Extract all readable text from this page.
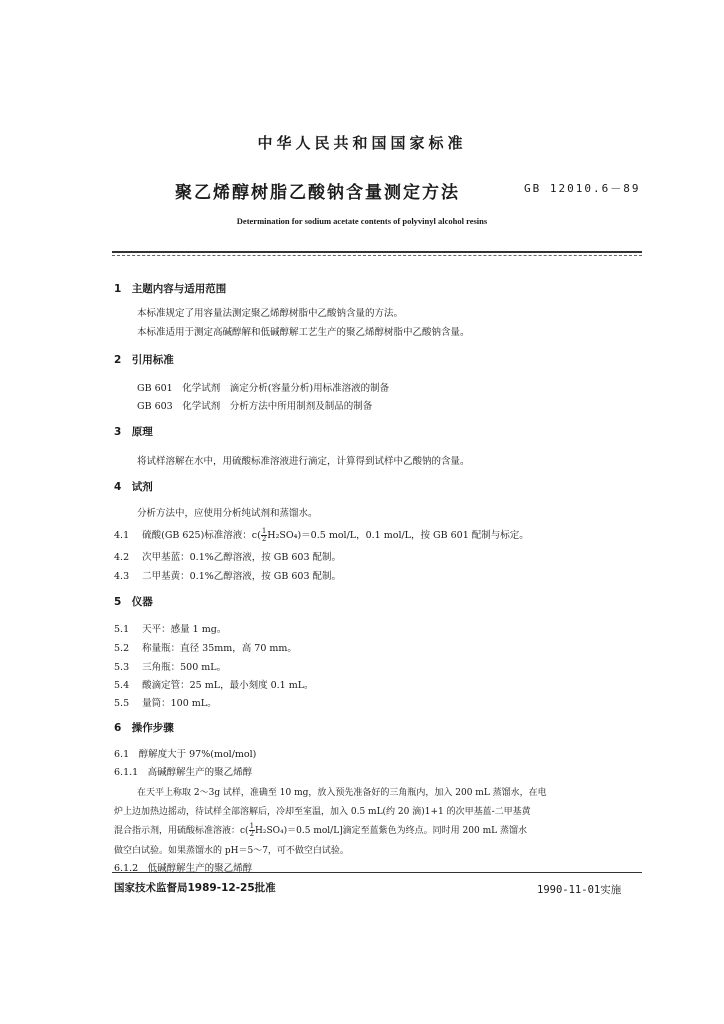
中华人民共和国国家标准
聚乙烯醇树脂乙酸钠含量测定方法	GB 12010.6－89
Determination for sodium acetate contents of polyvinyl alcohol resins
1　主题内容与适用范围
本标准规定了用容量法测定聚乙烯醇树脂中乙酸钠含量的方法。
本标准适用于测定高碱醇解和低碱醇解工艺生产的聚乙烯醇树脂中乙酸钠含量。
2　引用标准
GB 601　化学试剂　滴定分析(容量分析)用标准溶液的制备
GB 603　化学试剂　分析方法中所用制剂及制品的制备
3　原理
将试样溶解在水中，用硫酸标准溶液进行滴定，计算得到试样中乙酸钠的含量。
4　试剂
分析方法中，应使用分析纯试剂和蒸馏水。
4.1 硫酸(GB 625)标准溶液：$c( \frac{1}{2} H_2SO_4)=0.5$ mol/L，0.1 mol/L，按 GB 601 配制与标定。
4.2 次甲基蓝：0.1%乙醇溶液，按 GB 603 配制。
4.3 二甲基黄：0.1%乙醇溶液，按 GB 603 配制。
5　仪器
5.1 天平：感量 1 mg。
5.2 称量瓶：直径 35mm，高 70 mm。
5.3 三角瓶：500 mL。
5.4 酸滴定管：25 mL，最小刻度 0.1 mL。
5.5 量筒：100 mL。
6　操作步骤
6.1　醇解度大于 97%(mol/mol)
6.1.1　高碱醇解生产的聚乙烯醇
在天平上称取 2～3g 试样，准确至 10 mg，放入预先准备好的三角瓶内，加入 200 mL 蒸馏水，在电
炉上边加热边摇动，待试样全部溶解后，冷却至室温，加入 0.5 mL(约 20 滴)1+1 的次甲基蓝-二甲基黄
混合指示剂，用硫酸标准溶液：$c( \frac{1}{2} H_2SO_4)=0.5$ mol/L]滴定至蓝紫色为终点。同时用 200 mL 蒸馏水
做空白试验。如果蒸馏水的 pH＝5～7，可不做空白试验。
6.1.2　低碱醇解生产的聚乙烯醇
国家技术监督局1989-12-25批准	1990-11-01实施
